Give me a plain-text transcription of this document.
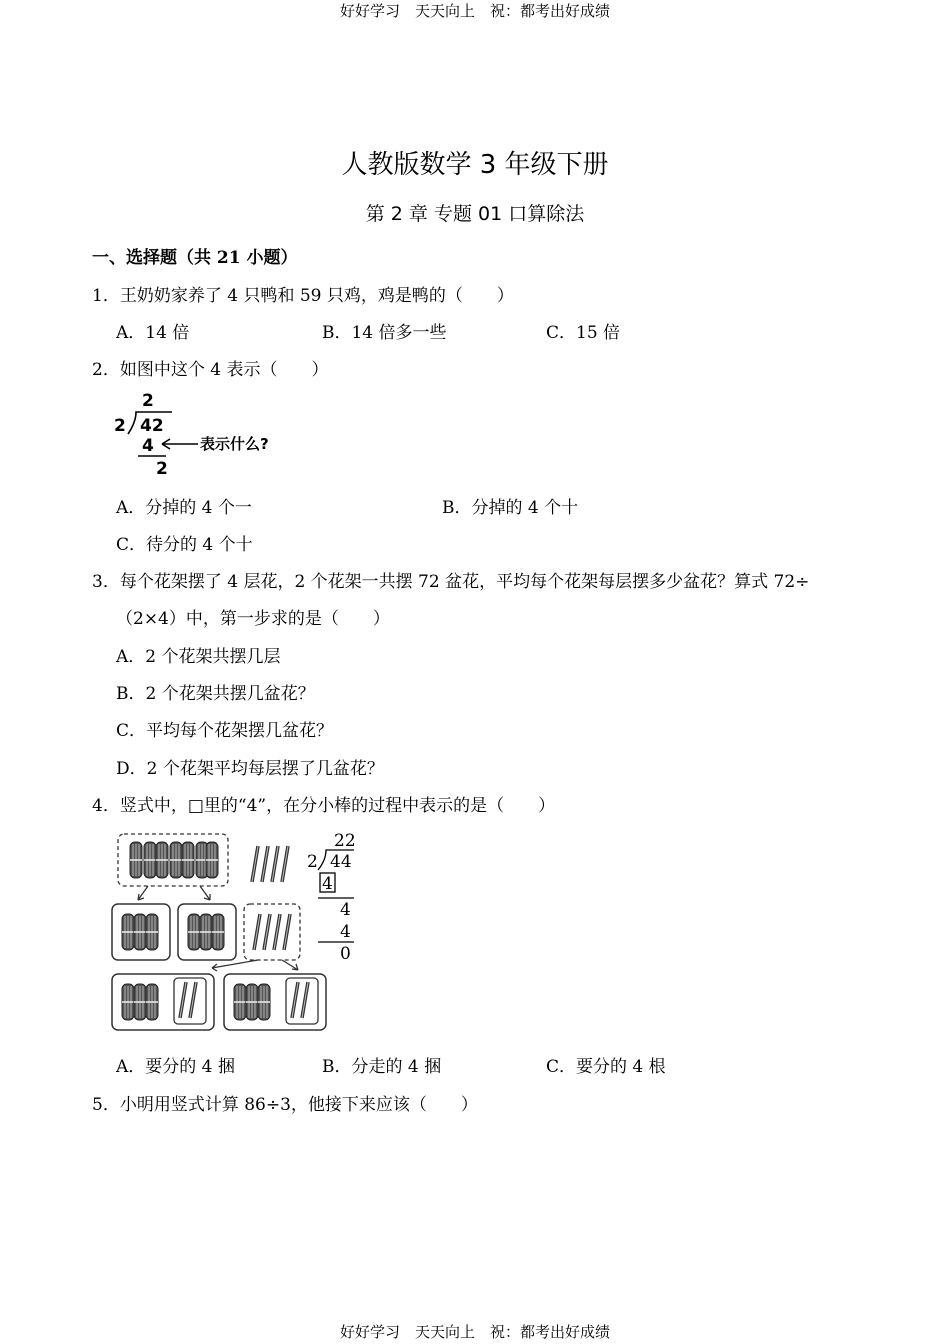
好好学习　天天向上　祝：都考出好成绩
好好学习　天天向上　祝：都考出好成绩
人教版数学 3 年级下册
第 2 章 专题 01 口算除法
一、选择题（共 21 小题）
1．王奶奶家养了 4 只鸭和 59 只鸡，鸡是鸭的（　　）
A．14 倍	B．14 倍多一些	C．15 倍
2．如图中这个 4 表示（　　）
2
2 42
4
2
表示什么?
A．分掉的 4 个一	B．分掉的 4 个十
C．待分的 4 个十
3．每个花架摆了 4 层花，2 个花架一共摆 72 盆花，平均每个花架每层摆多少盆花？算式 72÷
（2×4）中，第一步求的是（　　）
A．2 个花架共摆几层
B．2 个花架共摆几盆花？
C．平均每个花架摆几盆花？
D．2 个花架平均每层摆了几盆花？
4．竖式中，□里的“4”，在分小棒的过程中表示的是（　　）
22
2 44
4
4
4
0
A．要分的 4 捆	B．分走的 4 捆	C．要分的 4 根
5．小明用竖式计算 86÷3，他接下来应该（　　）
